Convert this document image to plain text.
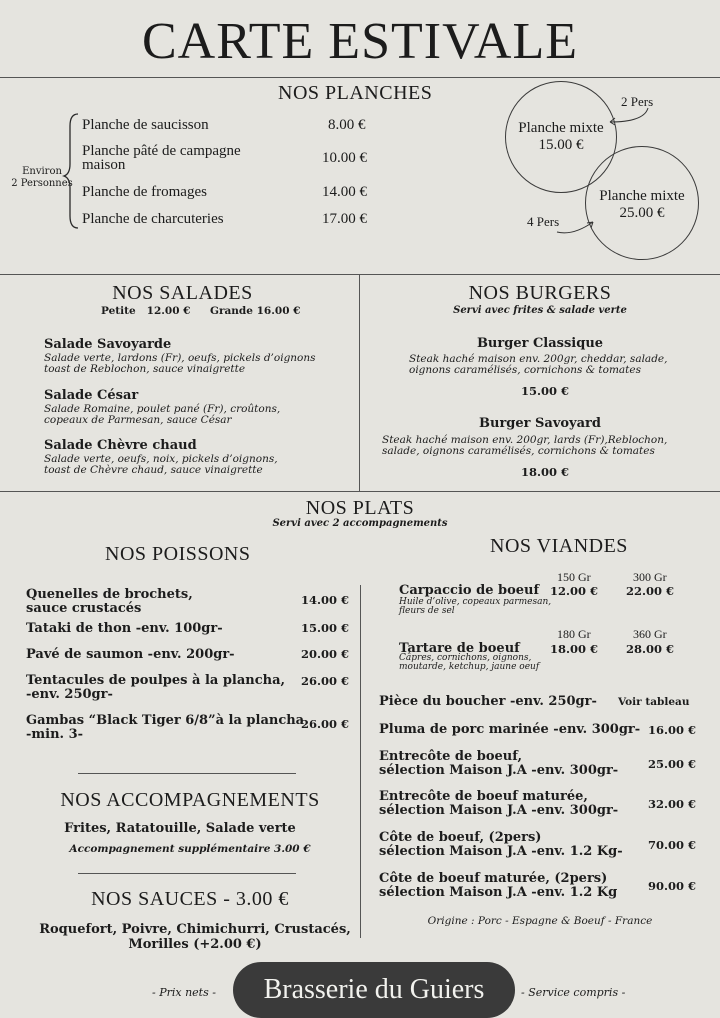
CARTE ESTIVALE
NOS PLANCHES
Environ
2 Personnes
Planche de saucisson	8.00 €
Planche pâté de campagne
maison	10.00 €
Planche de fromages	14.00 €
Planche de charcuteries	17.00 €
Planche mixte
15.00 €
Planche mixte
25.00 €
2 Pers
4 Pers
NOS SALADES
Petite 12.00 € Grande 16.00 €
Salade Savoyarde
Salade verte, lardons (Fr), oeufs, pickels d’oignons
toast de Reblochon, sauce vinaigrette
Salade César
Salade Romaine, poulet pané (Fr), croûtons,
copeaux de Parmesan, sauce César
Salade Chèvre chaud
Salade verte, oeufs, noix, pickels d’oignons,
toast de Chèvre chaud, sauce vinaigrette
NOS BURGERS
Servi avec frites & salade verte
Burger Classique
Steak haché maison env. 200gr, cheddar, salade,
oignons caramélisés, cornichons & tomates
15.00 €
Burger Savoyard
Steak haché maison env. 200gr, lards (Fr),Reblochon,
salade, oignons caramélisés, cornichons & tomates
18.00 €
NOS PLATS
Servi avec 2 accompagnements
NOS POISSONS
Quenelles de brochets,
sauce crustacés
14.00 €
Tataki de thon -env. 100gr-	15.00 €
Pavé de saumon -env. 200gr-	20.00 €
Tentacules de poulpes à la plancha,
-env. 250gr-
26.00 €
Gambas “Black Tiger 6/8”à la plancha
-min. 3-
26.00 €
NOS ACCOMPAGNEMENTS
Frites, Ratatouille, Salade verte
Accompagnement supplémentaire 3.00 €
NOS SAUCES - 3.00 €
Roquefort, Poivre, Chimichurri, Crustacés,
Morilles (+2.00 €)
NOS VIANDES
150 Gr	300 Gr
Carpaccio de boeuf 12.00 € 22.00 €
Huile d’olive, copeaux parmesan,
fleurs de sel
180 Gr	360 Gr
Tartare de boeuf	18.00 € 28.00 €
Câpres, cornichons, oignons,
moutarde, ketchup, jaune oeuf
Pièce du boucher -env. 250gr- Voir tableau
Pluma de porc marinée -env. 300gr- 16.00 €
Entrecôte de boeuf,
sélection Maison J.A -env. 300gr-	25.00 €
Entrecôte de boeuf maturée,
sélection Maison J.A -env. 300gr-	32.00 €
Côte de boeuf, (2pers)
sélection Maison J.A -env. 1.2 Kg- 70.00 €
Côte de boeuf maturée, (2pers)
sélection Maison J.A -env. 1.2 Kg	90.00 €
Origine : Porc - Espagne & Boeuf - France
- Prix nets -	Brasserie du Guiers	- Service compris -
